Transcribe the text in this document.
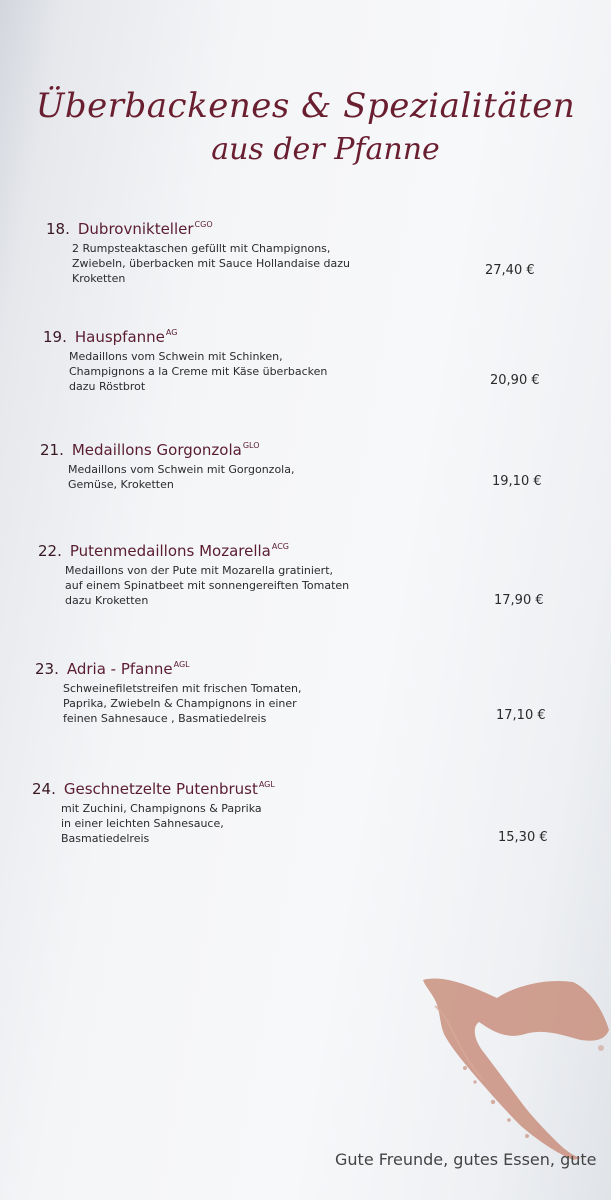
Überbackenes & Spezialitäten
aus der Pfanne
18. Dubrovnikteller CGO
2 Rumpsteaktaschen gefüllt mit Champignons,
Zwiebeln, überbacken mit Sauce Hollandaise dazu
Kroketten
27,40 €
19. Hauspfanne AG
Medaillons vom Schwein mit Schinken,
Champignons a la Creme mit Käse überbacken
dazu Röstbrot	20,90 €
21. Medaillons Gorgonzola GLO
Medaillons vom Schwein mit Gorgonzola,
Gemüse, Kroketten	19,10 €
22. Putenmedaillons Mozarella ACG
Medaillons von der Pute mit Mozarella gratiniert,
auf einem Spinatbeet mit sonnengereiften Tomaten
dazu Kroketten	17,90 €
23. Adria - Pfanne AGL
Schweinefiletstreifen mit frischen Tomaten,
Paprika, Zwiebeln & Champignons in einer
feinen Sahnesauce , Basmatiedelreis	17,10 €
24. Geschnetzelte Putenbrust AGL
mit Zuchini, Champignons & Paprika
in einer leichten Sahnesauce,
Basmatiedelreis	15,30 €
Gute Freunde, gutes Essen, gute
